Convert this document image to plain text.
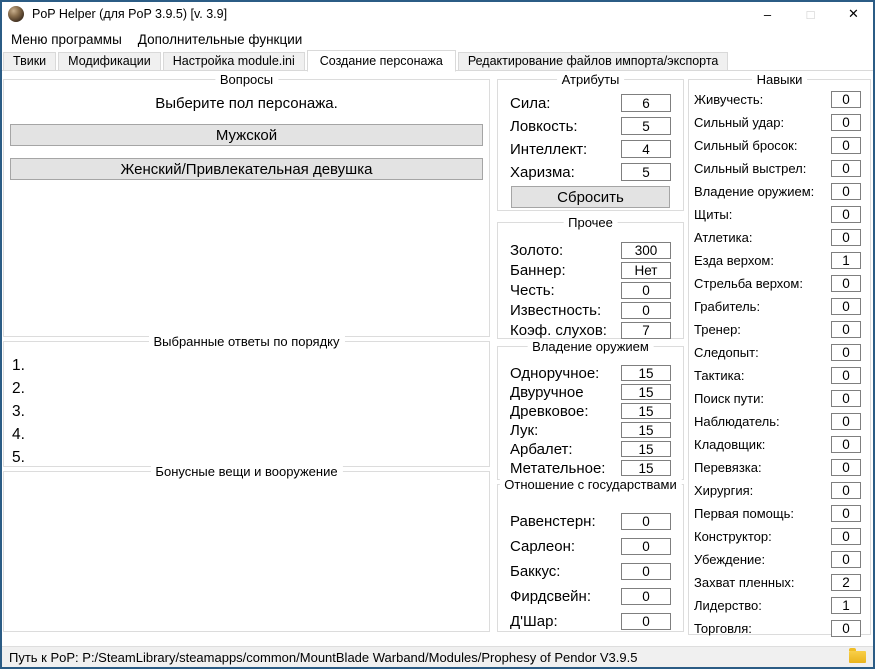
PoP Helper (для PoP 3.9.5) [v. 3.9]	–	□	✕
Меню программы	Дополнительные функции
Твики	Модификации	Настройка module.ini	Создание персонажа	Редактирование файлов импорта/экспорта
Вопросы
Выберите пол персонажа.
Мужской
Женский/Привлекательная девушка
Выбранные ответы по порядку
1.
2.
3.
4.
5.
Бонусные вещи и вооружение
Атрибуты
Сила:
6
Ловкость:
5
Интеллект:
4
Харизма:
5
Сбросить
Прочее
Золото:
300
Баннер:
Нет
Честь:
0
Известность:
0
Коэф. слухов:
7
Владение оружием
Одноручное:
15
Двуручное
15
Древковое:
15
Лук:
15
Арбалет:
15
Метательное:
15
Отношение с государствами
Равенстерн:
0
Сарлеон:
0
Баккус:
0
Фирдсвейн:
0
Д'Шар:
0
Навыки
Живучесть:
0
Сильный удар:
0
Сильный бросок:
0
Сильный выстрел:
0
Владение оружием:
0
Щиты:
0
Атлетика:
0
Езда верхом:
1
Стрельба верхом:
0
Грабитель:
0
Тренер:
0
Следопыт:
0
Тактика:
0
Поиск пути:
0
Наблюдатель:
0
Кладовщик:
0
Перевязка:
0
Хирургия:
0
Первая помощь:
0
Конструктор:
0
Убеждение:
0
Захват пленных:
2
Лидерство:
1
Торговля:
0
Путь к PoP: P:/SteamLibrary/steamapps/common/MountBlade Warband/Modules/Prophesy of Pendor V3.9.5
